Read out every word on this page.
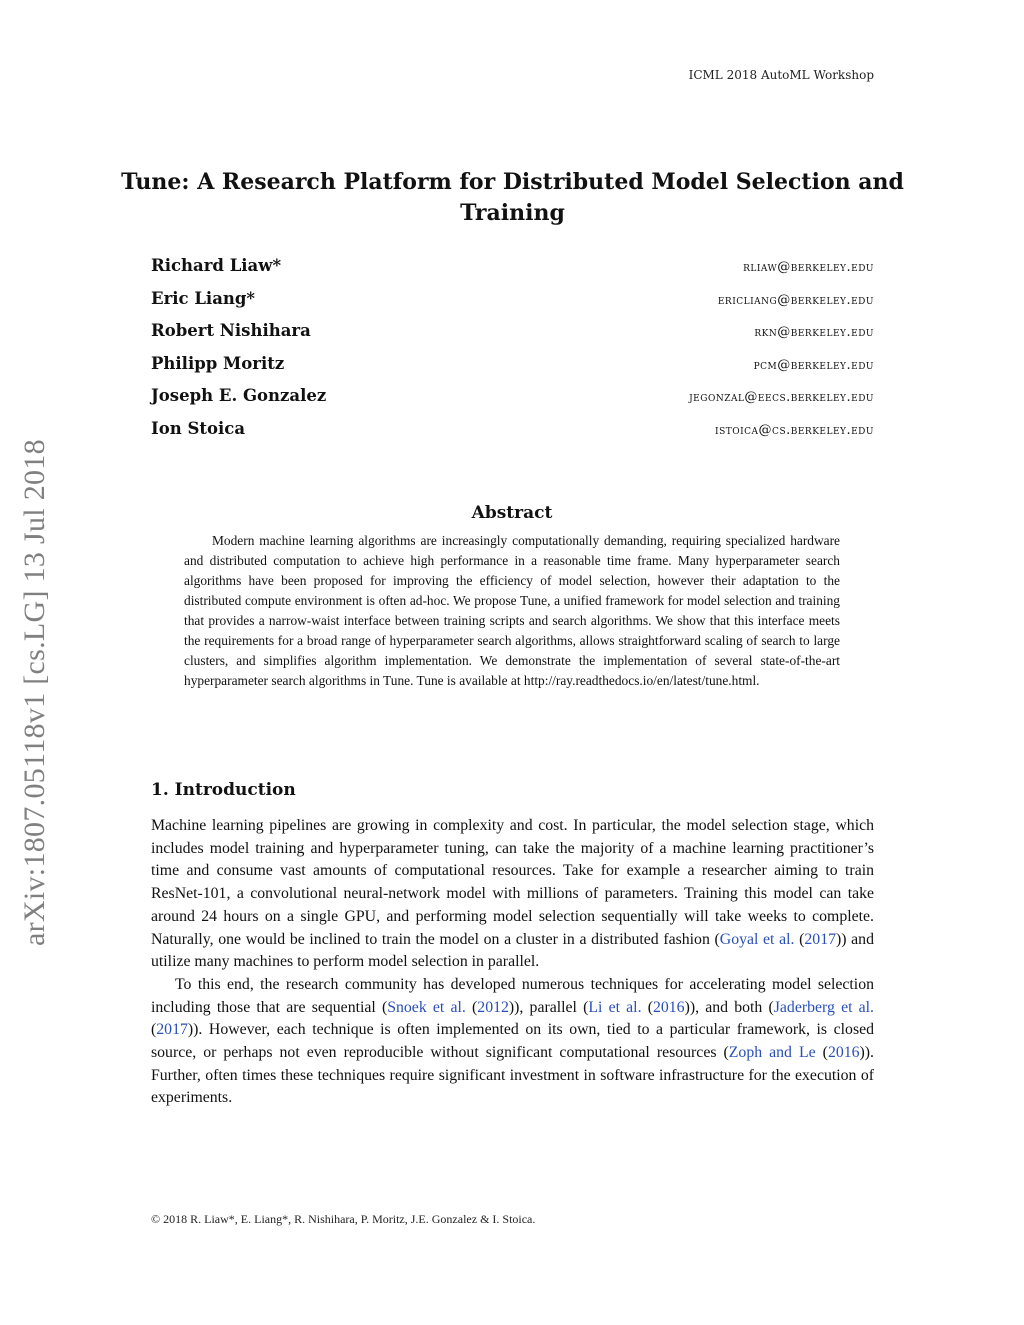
ICML 2018 AutoML Workshop
Tune: A Research Platform for Distributed Model Selection and Training
Richard Liaw*	rliaw@berkeley.edu
Eric Liang*	ericliang@berkeley.edu
Robert Nishihara	rkn@berkeley.edu
Philipp Moritz	pcm@berkeley.edu
Joseph E. Gonzalez	jegonzal@eecs.berkeley.edu
Ion Stoica	istoica@cs.berkeley.edu
arXiv:1807.05118v1 [cs.LG] 13 Jul 2018	Abstract
Modern machine learning algorithms are increasingly computationally demanding, requiring specialized hardware and distributed computation to achieve high performance in a reasonable time frame. Many hyperparameter search algorithms have been proposed for improving the efficiency of model selection, however their adaptation to the distributed compute environment is often ad-hoc. We propose Tune, a unified framework for model selection and training that provides a narrow-waist interface between training scripts and search algorithms. We show that this interface meets the requirements for a broad range of hyperparameter search algorithms, allows straightforward scaling of search to large clusters, and simplifies algorithm implementation. We demonstrate the implementation of several state-of-the-art hyperparameter search algorithms in Tune. Tune is available at http://ray.readthedocs.io/en/latest/tune.html.
1. Introduction

Machine learning pipelines are growing in complexity and cost. In particular, the model selection stage, which includes model training and hyperparameter tuning, can take the majority of a machine learning practitioner’s time and consume vast amounts of computational resources. Take for example a researcher aiming to train ResNet-101, a convolutional neural-network model with millions of parameters. Training this model can take around 24 hours on a single GPU, and performing model selection sequentially will take weeks to complete. Naturally, one would be inclined to train the model on a cluster in a distributed fashion (Goyal et al. (2017)) and utilize many machines to perform model selection in parallel.

To this end, the research community has developed numerous techniques for accelerating model selection including those that are sequential (Snoek et al. (2012)), parallel (Li et al. (2016)), and both (Jaderberg et al. (2017)). However, each technique is often implemented on its own, tied to a particular framework, is closed source, or perhaps not even reproducible without significant computational resources (Zoph and Le (2016)). Further, often times these techniques require significant investment in software infrastructure for the execution of experiments.

© 2018 R. Liaw*, E. Liang*, R. Nishihara, P. Moritz, J.E. Gonzalez & I. Stoica.
